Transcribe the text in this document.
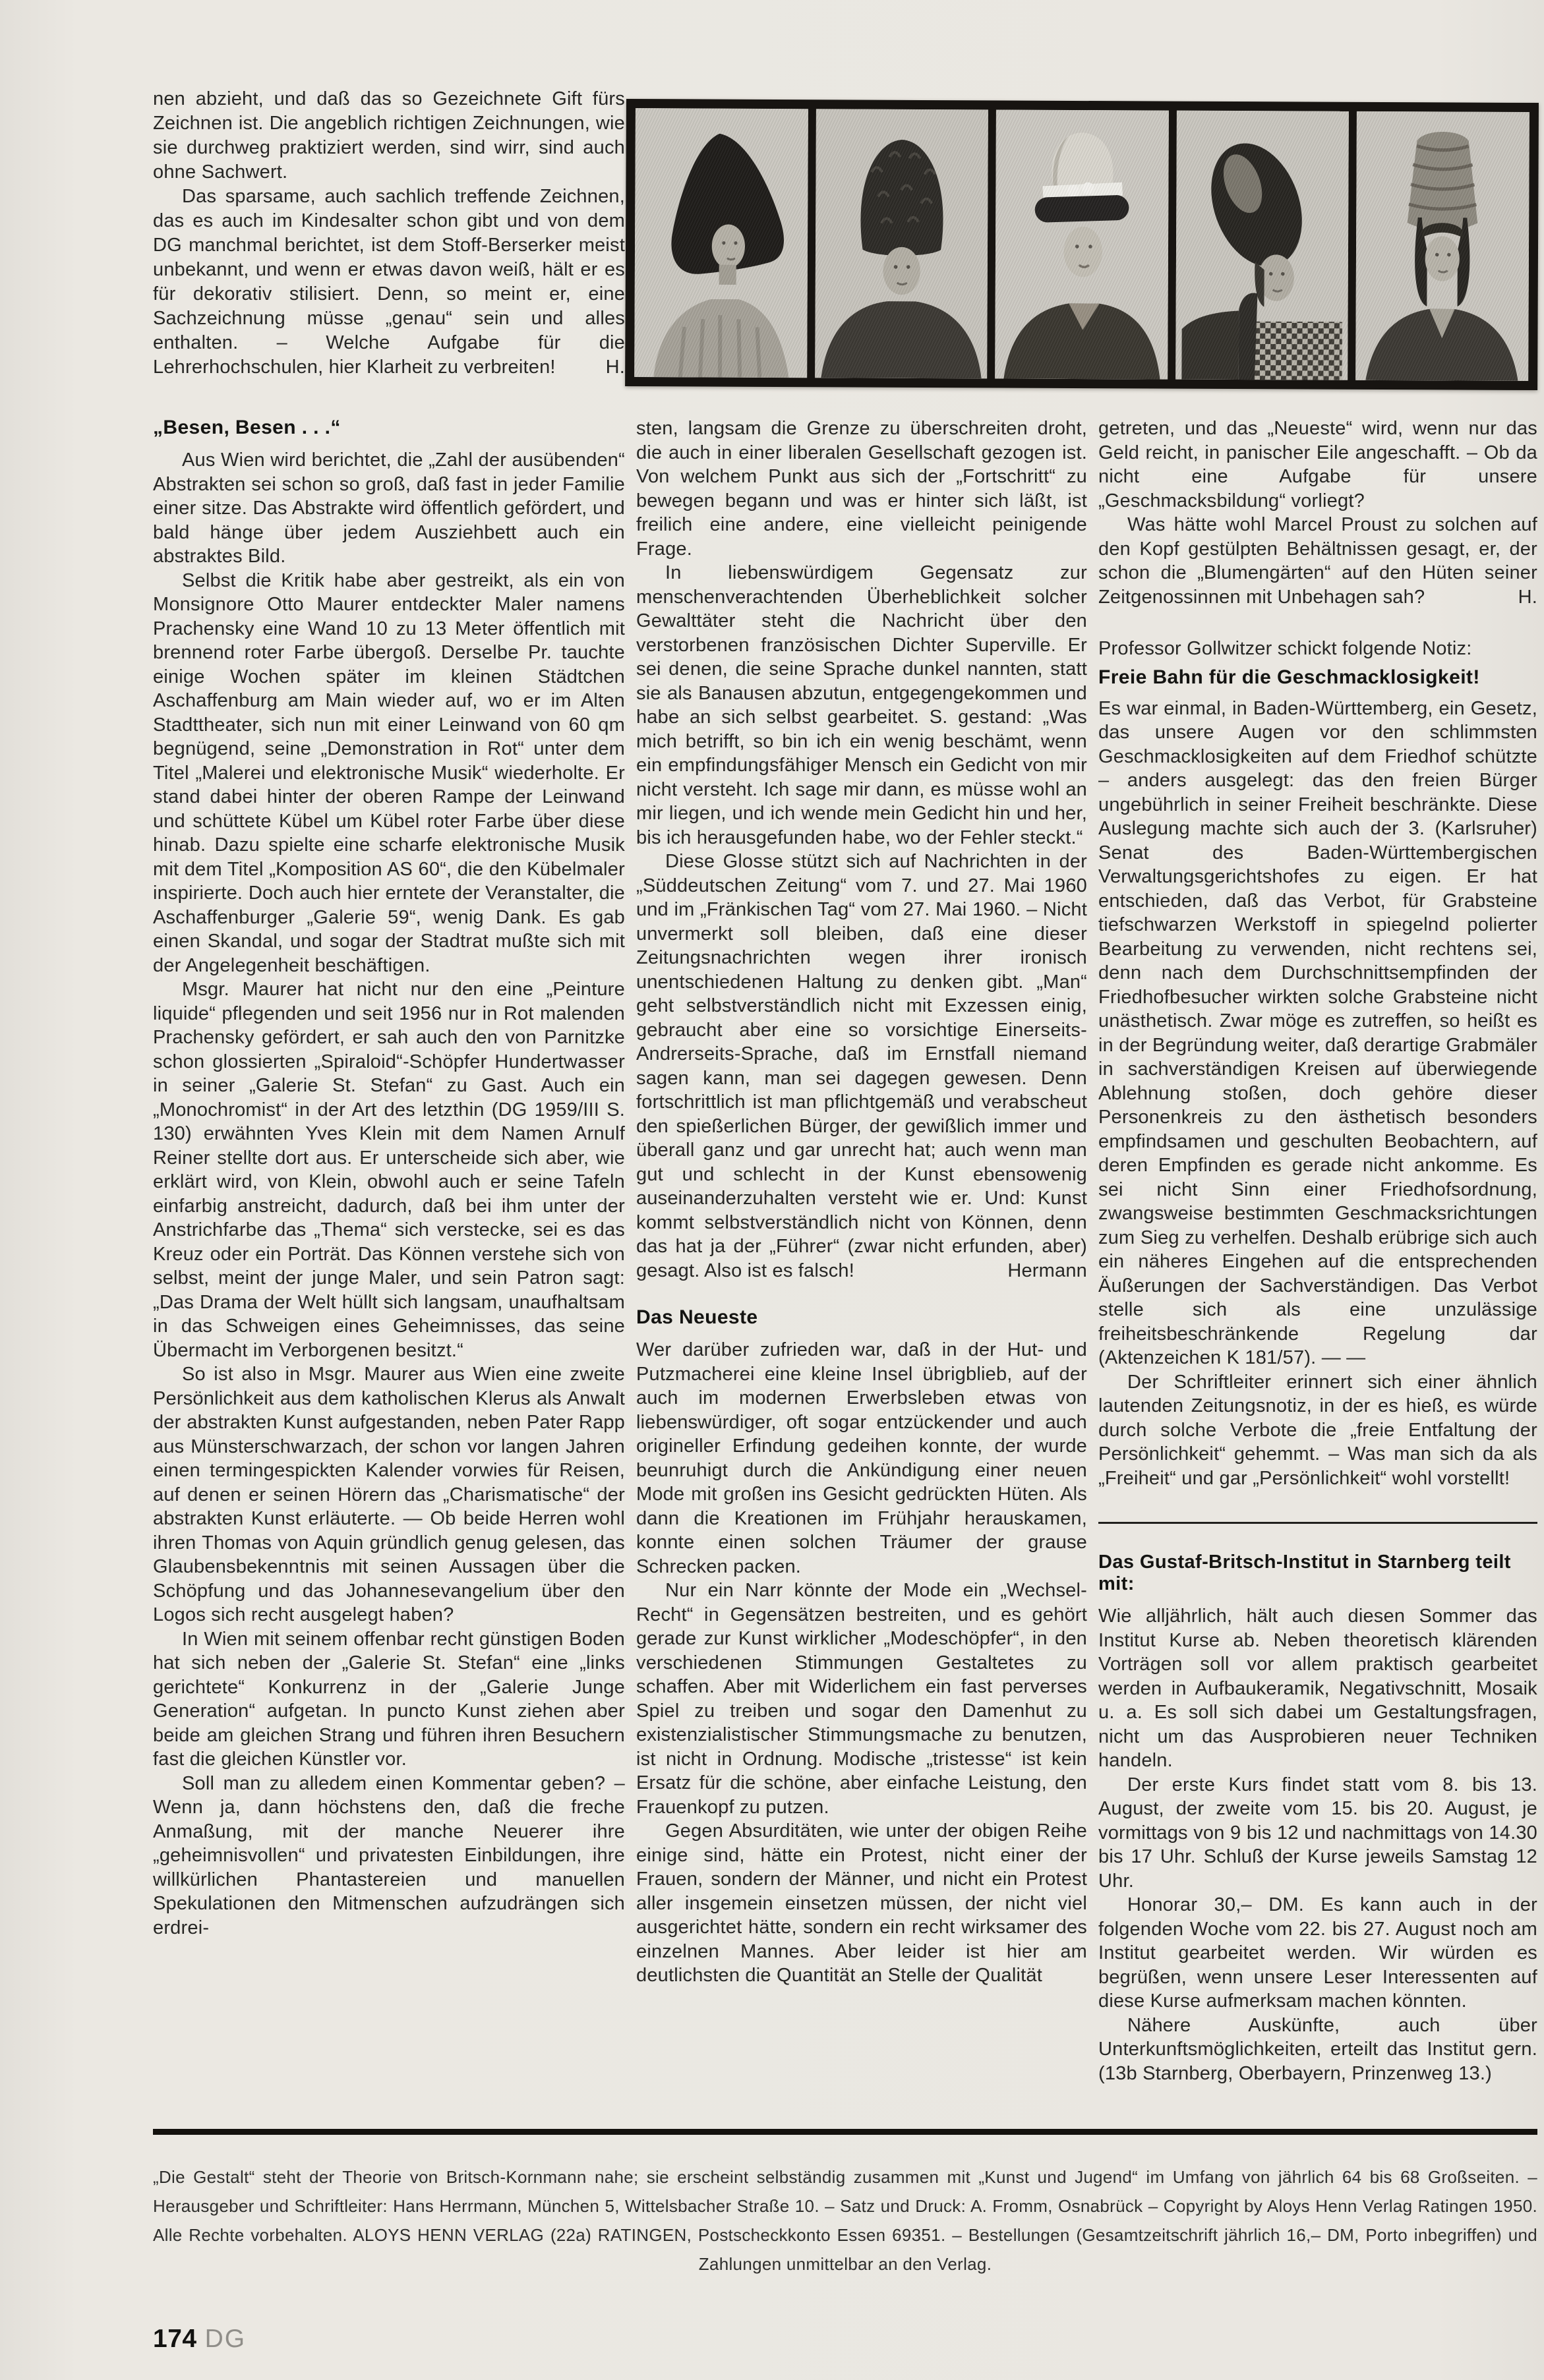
nen abzieht, und daß das so Gezeichnete Gift fürs Zeichnen ist. Die angeblich richtigen Zeichnungen, wie sie durchweg praktiziert werden, sind wirr, sind auch ohne Sachwert.

Das sparsame, auch sachlich treffende Zeichnen, das es auch im Kindesalter schon gibt und von dem DG manchmal berichtet, ist dem Stoff-Berserker meist unbekannt, und wenn er etwas davon weiß, hält er es für dekorativ stilisiert. Denn, so meint er, eine Sachzeichnung müsse „genau“ sein und alles enthalten. – Welche Aufgabe für die Lehrerhochschulen, hier Klarheit zu verbreiten!	H.

„Besen, Besen . . .“

Aus Wien wird berichtet, die „Zahl der ausübenden“ Abstrakten sei schon so groß, daß fast in jeder Familie einer sitze. Das Abstrakte wird öffentlich gefördert, und bald hänge über jedem Ausziehbett auch ein abstraktes Bild.

Selbst die Kritik habe aber gestreikt, als ein von Monsignore Otto Maurer entdeckter Maler namens Prachensky eine Wand 10 zu 13 Meter öffentlich mit brennend roter Farbe übergoß. Derselbe Pr. tauchte einige Wochen später im kleinen Städtchen Aschaffenburg am Main wieder auf, wo er im Alten Stadttheater, sich nun mit einer Leinwand von 60 qm begnügend, seine „Demonstration in Rot“ unter dem Titel „Malerei und elektronische Musik“ wiederholte. Er stand dabei hinter der oberen Rampe der Leinwand und schüttete Kübel um Kübel roter Farbe über diese hinab. Dazu spielte eine scharfe elektronische Musik mit dem Titel „Komposition AS 60“, die den Kübelmaler inspirierte. Doch auch hier erntete der Veranstalter, die Aschaffenburger „Galerie 59“, wenig Dank. Es gab einen Skandal, und sogar der Stadtrat mußte sich mit der Angelegenheit beschäftigen.

Msgr. Maurer hat nicht nur den eine „Peinture liquide“ pflegenden und seit 1956 nur in Rot malenden Prachensky gefördert, er sah auch den von Parnitzke schon glossierten „Spiraloid“-Schöpfer Hundertwasser in seiner „Galerie St. Stefan“ zu Gast. Auch ein „Monochromist“ in der Art des letzthin (DG 1959/III S. 130) erwähnten Yves Klein mit dem Namen Arnulf Reiner stellte dort aus. Er unterscheide sich aber, wie erklärt wird, von Klein, obwohl auch er seine Tafeln einfarbig anstreicht, dadurch, daß bei ihm unter der Anstrichfarbe das „Thema“ sich verstecke, sei es das Kreuz oder ein Porträt. Das Können verstehe sich von selbst, meint der junge Maler, und sein Patron sagt: „Das Drama der Welt hüllt sich langsam, unaufhaltsam in das Schweigen eines Geheimnisses, das seine Übermacht im Verborgenen besitzt.“

So ist also in Msgr. Maurer aus Wien eine zweite Persönlichkeit aus dem katholischen Klerus als Anwalt der abstrakten Kunst aufgestanden, neben Pater Rapp aus Münsterschwarzach, der schon vor langen Jahren einen termingespickten Kalender vorwies für Reisen, auf denen er seinen Hörern das „Charismatische“ der abstrakten Kunst erläuterte. — Ob beide Herren wohl ihren Thomas von Aquin gründlich genug gelesen, das Glaubensbekenntnis mit seinen Aussagen über die Schöpfung und das Johannesevangelium über den Logos sich recht ausgelegt haben?

In Wien mit seinem offenbar recht günstigen Boden hat sich neben der „Galerie St. Stefan“ eine „links gerichtete“ Konkurrenz in der „Galerie Junge Generation“ aufgetan. In puncto Kunst ziehen aber beide am gleichen Strang und führen ihren Besuchern fast die gleichen Künstler vor.

Soll man zu alledem einen Kommentar geben? – Wenn ja, dann höchstens den, daß die freche Anmaßung, mit der manche Neuerer ihre „geheimnisvollen“ und privatesten Einbildungen, ihre willkürlichen Phantastereien und manuellen Spekulationen den Mitmenschen aufzudrängen sich erdrei-

sten, langsam die Grenze zu überschreiten droht, die auch in einer liberalen Gesellschaft gezogen ist. Von welchem Punkt aus sich der „Fortschritt“ zu bewegen begann und was er hinter sich läßt, ist freilich eine andere, eine vielleicht peinigende Frage.

In liebenswürdigem Gegensatz zur menschenverachtenden Überheblichkeit solcher Gewalttäter steht die Nachricht über den verstorbenen französischen Dichter Superville. Er sei denen, die seine Sprache dunkel nannten, statt sie als Banausen abzutun, entgegengekommen und habe an sich selbst gearbeitet. S. gestand: „Was mich betrifft, so bin ich ein wenig beschämt, wenn ein empfindungsfähiger Mensch ein Gedicht von mir nicht versteht. Ich sage mir dann, es müsse wohl an mir liegen, und ich wende mein Gedicht hin und her, bis ich herausgefunden habe, wo der Fehler steckt.“

Diese Glosse stützt sich auf Nachrichten in der „Süddeutschen Zeitung“ vom 7. und 27. Mai 1960 und im „Fränkischen Tag“ vom 27. Mai 1960. – Nicht unvermerkt soll bleiben, daß eine dieser Zeitungsnachrichten wegen ihrer ironisch unentschiedenen Haltung zu denken gibt. „Man“ geht selbstverständlich nicht mit Exzessen einig, gebraucht aber eine so vorsichtige Einerseits-Andrerseits-Sprache, daß im Ernstfall niemand sagen kann, man sei dagegen gewesen. Denn fortschrittlich ist man pflichtgemäß und verabscheut den spießerlichen Bürger, der gewißlich immer und überall ganz und gar unrecht hat; auch wenn man gut und schlecht in der Kunst ebensowenig auseinanderzuhalten versteht wie er. Und: Kunst kommt selbstverständlich nicht von Können, denn das hat ja der „Führer“ (zwar nicht erfunden, aber) gesagt. Also ist es falsch!	Hermann

Das Neueste

Wer darüber zufrieden war, daß in der Hut- und Putzmacherei eine kleine Insel übrigblieb, auf der auch im modernen Erwerbsleben etwas von liebenswürdiger, oft sogar entzückender und auch origineller Erfindung gedeihen konnte, der wurde beunruhigt durch die Ankündigung einer neuen Mode mit großen ins Gesicht gedrückten Hüten. Als dann die Kreationen im Frühjahr herauskamen, konnte einen solchen Träumer der grause Schrecken packen.

Nur ein Narr könnte der Mode ein „Wechsel-Recht“ in Gegensätzen bestreiten, und es gehört gerade zur Kunst wirklicher „Modeschöpfer“, in den verschiedenen Stimmungen Gestaltetes zu schaffen. Aber mit Widerlichem ein fast perverses Spiel zu treiben und sogar den Damenhut zu existenzialistischer Stimmungsmache zu benutzen, ist nicht in Ordnung. Modische „tristesse“ ist kein Ersatz für die schöne, aber einfache Leistung, den Frauenkopf zu putzen.

Gegen Absurditäten, wie unter der obigen Reihe einige sind, hätte ein Protest, nicht einer der Frauen, sondern der Männer, und nicht ein Protest aller insgemein einsetzen müssen, der nicht viel ausgerichtet hätte, sondern ein recht wirksamer des einzelnen Mannes. Aber leider ist hier am deutlichsten die Quantität an Stelle der Qualität

getreten, und das „Neueste“ wird, wenn nur das Geld reicht, in panischer Eile angeschafft. – Ob da nicht eine Aufgabe für unsere „Geschmacksbildung“ vorliegt?

Was hätte wohl Marcel Proust zu solchen auf den Kopf gestülpten Behältnissen gesagt, er, der schon die „Blumengärten“ auf den Hüten seiner Zeitgenossinnen mit Unbehagen sah?	H.

Professor Gollwitzer schickt folgende Notiz:

Freie Bahn für die Geschmacklosigkeit!

Es war einmal, in Baden-Württemberg, ein Gesetz, das unsere Augen vor den schlimmsten Geschmacklosigkeiten auf dem Friedhof schützte – anders ausgelegt: das den freien Bürger ungebührlich in seiner Freiheit beschränkte. Diese Auslegung machte sich auch der 3. (Karlsruher) Senat des Baden-Württembergischen Verwaltungsgerichtshofes zu eigen. Er hat entschieden, daß das Verbot, für Grabsteine tiefschwarzen Werkstoff in spiegelnd polierter Bearbeitung zu verwenden, nicht rechtens sei, denn nach dem Durchschnittsempfinden der Friedhofbesucher wirkten solche Grabsteine nicht unästhetisch. Zwar möge es zutreffen, so heißt es in der Begründung weiter, daß derartige Grabmäler in sachverständigen Kreisen auf überwiegende Ablehnung stoßen, doch gehöre dieser Personenkreis zu den ästhetisch besonders empfindsamen und geschulten Beobachtern, auf deren Empfinden es gerade nicht ankomme. Es sei nicht Sinn einer Friedhofsordnung, zwangsweise bestimmten Geschmacksrichtungen zum Sieg zu verhelfen. Deshalb erübrige sich auch ein näheres Eingehen auf die entsprechenden Äußerungen der Sachverständigen. Das Verbot stelle sich als eine unzulässige freiheitsbeschränkende Regelung dar (Aktenzeichen K 181/57). — —

Der Schriftleiter erinnert sich einer ähnlich lautenden Zeitungsnotiz, in der es hieß, es würde durch solche Verbote die „freie Entfaltung der Persönlichkeit“ gehemmt. – Was man sich da als „Freiheit“ und gar „Persönlichkeit“ wohl vorstellt!

Das Gustaf-Britsch-Institut in Starnberg teilt mit:

Wie alljährlich, hält auch diesen Sommer das Institut Kurse ab. Neben theoretisch klärenden Vorträgen soll vor allem praktisch gearbeitet werden in Aufbaukeramik, Negativschnitt, Mosaik u. a. Es soll sich dabei um Gestaltungsfragen, nicht um das Ausprobieren neuer Techniken handeln.

Der erste Kurs findet statt vom 8. bis 13. August, der zweite vom 15. bis 20. August, je vormittags von 9 bis 12 und nachmittags von 14.30 bis 17 Uhr. Schluß der Kurse jeweils Samstag 12 Uhr.

Honorar 30,– DM. Es kann auch in der folgenden Woche vom 22. bis 27. August noch am Institut gearbeitet werden. Wir würden es begrüßen, wenn unsere Leser Interessenten auf diese Kurse aufmerksam machen könnten.

Nähere Auskünfte, auch über Unterkunftsmöglichkeiten, erteilt das Institut gern. (13b Starnberg, Oberbayern, Prinzenweg 13.)

„Die Gestalt“ steht der Theorie von Britsch-Kornmann nahe; sie erscheint selbständig zusammen mit „Kunst und Jugend“ im Umfang von jährlich 64 bis 68 Großseiten. – Herausgeber und Schriftleiter: Hans Herrmann, München 5, Wittelsbacher Straße 10. – Satz und Druck: A. Fromm, Osnabrück – Copyright by Aloys Henn Verlag Ratingen 1950. Alle Rechte vorbehalten. ALOYS HENN VERLAG (22a) RATINGEN, Postscheckkonto Essen 69351. – Bestellungen (Gesamtzeitschrift jährlich 16,– DM, Porto inbegriffen) und Zahlungen unmittelbar an den Verlag.
174 DG
